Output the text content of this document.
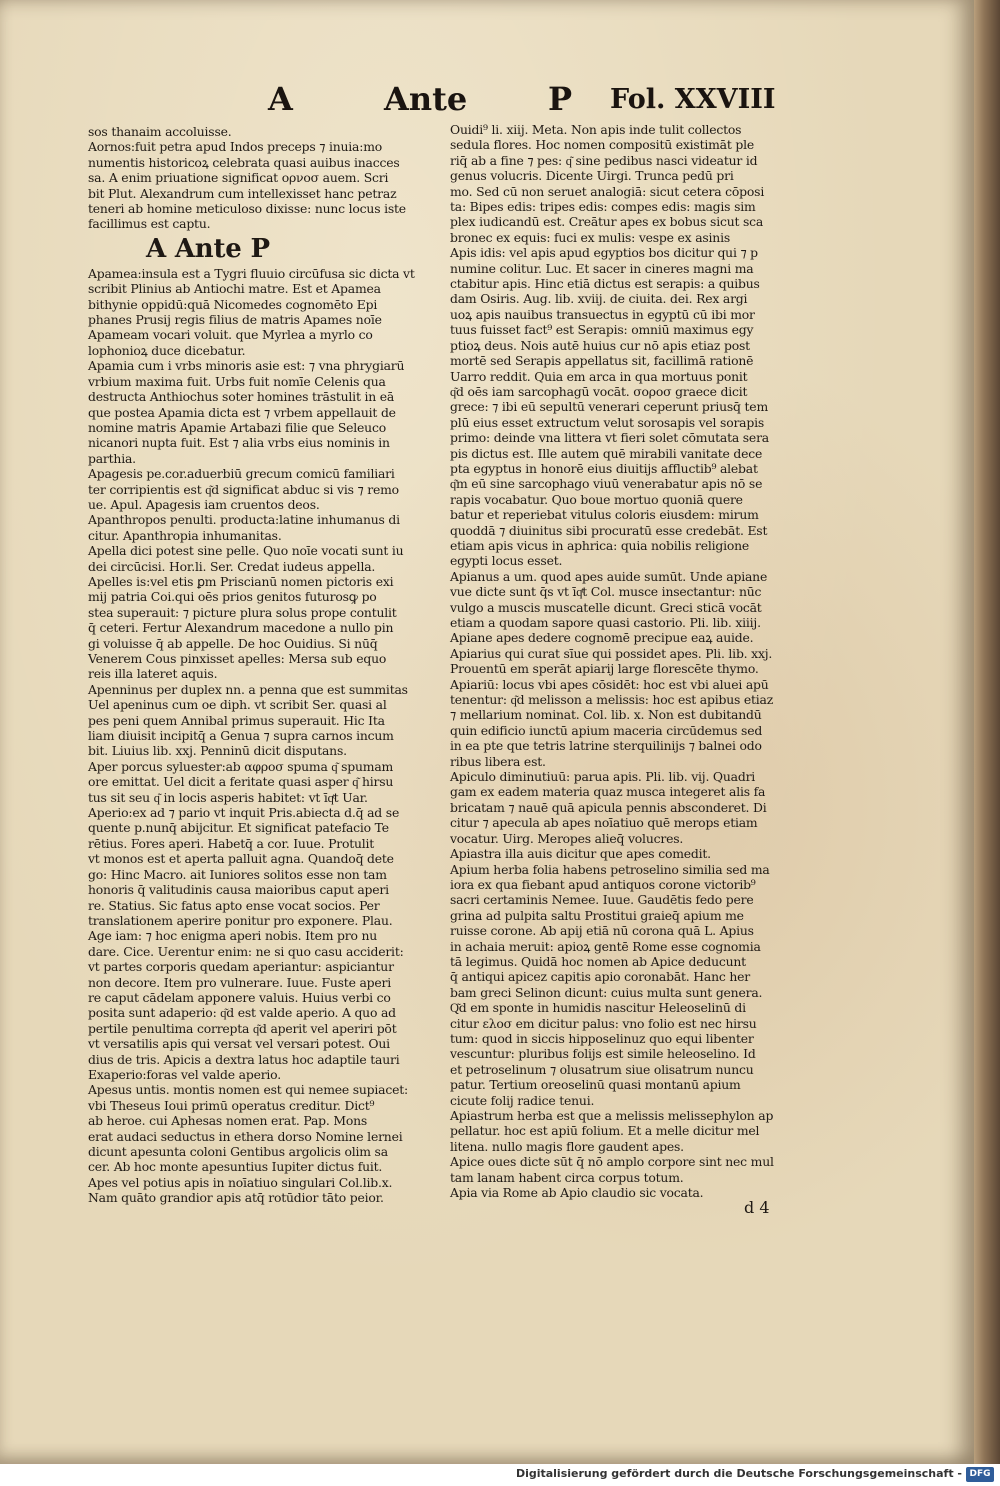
A	Ante	P Fol. XXVIII
sos thanaim accoluisse.
Aornos:fuit petra apud Indos preceps ⁊ inuia:mo
numentis historicoꝝ celebrata quasi auibus inacces
sa. A enim priuatione significat ορνοσ auem. Scri
bit Plut. Alexandrum cum intellexisset hanc petraz
teneri ab homine meticuloso dixisse: nunc locus iste
facillimus est captu.
A Ante P
Apamea:insula est a Tygri fluuio circūfusa sic dicta vt
scribit Plinius ab Antiochi matre. Est et Apamea
bithynie oppidū:quā Nicomedes cognomēto Epi
phanes Prusij regis filius de matris Apames noīe
Apameam vocari voluit. que Myrlea a myrlo co
lophonioꝝ duce dicebatur.
Apamia cum i vrbs minoris asie est: ⁊ vna phrygiarū
vrbium maxima fuit. Urbs fuit nomīe Celenis qua
destructa Anthiochus soter homines trāstulit in eā
que postea Apamia dicta est ⁊ vrbem appellauit de
nomine matris Apamie Artabazi filie que Seleuco
nicanori nupta fuit. Est ⁊ alia vrbs eius nominis in
parthia.
Apagesis pe.cor.aduerbiū grecum comicū familiari
ter corripientis est q͂d significat abduc si vis ⁊ remo
ue. Apul. Apagesis iam cruentos deos.
Apanthropos penulti. producta:latine inhumanus di
citur. Apanthropia inhumanitas.
Apella dici potest sine pelle. Quo noīe vocati sunt iu
dei circūcisi. Hor.li. Ser. Credat iudeus appella.
Apelles is:vel etis ꝑm Priscianū nomen pictoris exi
mij patria Coi.qui oēs prios genitos futurosꝙ po
stea superauit: ⁊ picture plura solus prope contulit
q̄ ceteri. Fertur Alexandrum macedone a nullo pin
gi voluisse q̄ ab appelle. De hoc Ouidius. Si nūq̄
Venerem Cous pinxisset apelles: Mersa sub equo
reis illa lateret aquis.
Apenninus per duplex nn. a penna que est summitas
Uel apeninus cum oe diph. vt scribit Ser. quasi al
pes peni quem Annibal primus superauit. Hic Ita
liam diuisit incipitq̄ a Genua ⁊ supra carnos incum
bit. Liuius lib. xxj. Penninū dicit disputans.
Aper porcus syluester:ab αφροσ spuma q͂ spumam
ore emittat. Uel dicit a feritate quasi asper q͂ hirsu
tus sit seu q͂ in locis asperis habitet: vt īqͭt Uar.
Aperio:ex ad ⁊ pario vt inquit Pris.abiecta d.q̄ ad se
quente p.nunq̄ abijcitur. Et significat patefacio Te
rētius. Fores aperi. Habetq̄ a cor. Iuue. Protulit
vt monos est et aperta palluit agna. Quandoq̄ dete
go: Hinc Macro. ait Iuniores solitos esse non tam
honoris q̄ valitudinis causa maioribus caput aperi
re. Statius. Sic fatus apto ense vocat socios. Per
translationem aperire ponitur pro exponere. Plau.
Age iam: ⁊ hoc enigma aperi nobis. Item pro nu
dare. Cice. Uerentur enim: ne si quo casu acciderit:
vt partes corporis quedam aperiantur: aspiciantur
non decore. Item pro vulnerare. Iuue. Fuste aperi
re caput cādelam apponere valuis. Huius verbi co
posita sunt adaperio: q͂d est valde aperio. A quo ad
pertile penultima correpta q͂d aperit vel aperiri pōt
vt versatilis apis qui versat vel versari potest. Oui
dius de tris. Apicis a dextra latus hoc adaptile tauri
Exaperio:foras vel valde aperio.
Apesus untis. montis nomen est qui nemee supiacet:
vbi Theseus Ioui primū operatus creditur. Dict⁹
ab heroe. cui Aphesas nomen erat. Pap. Mons
erat audaci seductus in ethera dorso Nomine lernei
dicunt apesunta coloni Gentibus argolicis olim sa
cer. Ab hoc monte apesuntius Iupiter dictus fuit.
Apes vel potius apis in noīatiuo singulari Col.lib.x.
Nam quāto grandior apis atq̄ rotūdior tāto peior.
Ouidi⁹ li. xiij. Meta. Non apis inde tulit collectos
sedula flores. Hoc nomen compositū existimāt ple
riq̄ ab a fine ⁊ pes: q͂ sine pedibus nasci videatur id
genus volucris. Dicente Uirgi. Trunca pedū pri
mo. Sed cū non seruet analogiā: sicut cetera cōposi
ta: Bipes edis: tripes edis: compes edis: magis sim
plex iudicandū est. Creātur apes ex bobus sicut sca
bronec ex equis: fuci ex mulis: vespe ex asinis
Apis idis: vel apis apud egyptios bos dicitur qui ⁊ p
numine colitur. Luc. Et sacer in cineres magni ma
ctabitur apis. Hinc etiā dictus est serapis: a quibus
dam Osiris. Aug. lib. xviij. de ciuita. dei. Rex argi
uoꝝ apis nauibus transuectus in egyptū cū ibi mor
tuus fuisset fact⁹ est Serapis: omniū maximus egy
ptioꝝ deus. Nois autē huius cur nō apis etiaz post
mortē sed Serapis appellatus sit, facillimā rationē
Uarro reddit. Quia em arca in qua mortuus ponit
q͂d oēs iam sarcophagū vocāt. σοροσ graece dicit
grece: ⁊ ibi eū sepultū venerari ceperunt priusq̄ tem
plū eius esset extructum velut sorosapis vel sorapis
primo: deinde vna littera vt fieri solet cōmutata sera
pis dictus est. Ille autem quē mirabili vanitate dece
pta egyptus in honorē eius diuitijs affluctib⁹ alebat
q͂m eū sine sarcophago viuū venerabatur apis nō se
rapis vocabatur. Quo boue mortuo quoniā quere
batur et reperiebat vitulus coloris eiusdem: mirum
quoddā ⁊ diuinitus sibi procuratū esse credebāt. Est
etiam apis vicus in aphrica: quia nobilis religione
egypti locus esset.
Apianus a um. quod apes auide sumūt. Unde apiane
vue dicte sunt q̄s vt īqͭt Col. musce insectantur: nūc
vulgo a muscis muscatelle dicunt. Greci sticā vocāt
etiam a quodam sapore quasi castorio. Pli. lib. xiiij.
Apiane apes dedere cognomē precipue eaꝝ auide.
Apiarius qui curat sīue qui possidet apes. Pli. lib. xxj.
Prouentū em sperāt apiarij large florescēte thymo.
Apiariū: locus vbi apes cōsidēt: hoc est vbi aluei apū
tenentur: q͂d melisson a melissis: hoc est apibus etiaz
⁊ mellarium nominat. Col. lib. x. Non est dubitandū
quin edificio iunctū apium maceria circūdemus sed
in ea pte que tetris latrine sterquilinijs ⁊ balnei odo
ribus libera est.
Apiculo diminutiuū: parua apis. Pli. lib. vij. Quadri
gam ex eadem materia quaz musca integeret alis fa
bricatam ⁊ nauē quā apicula pennis absconderet. Di
citur ⁊ apecula ab apes noīatiuo quē merops etiam
vocatur. Uirg. Meropes alieq̄ volucres.
Apiastra illa auis dicitur que apes comedit.
Apium herba folia habens petroselino similia sed ma
iora ex qua fiebant apud antiquos corone victorib⁹
sacri certaminis Nemee. Iuue. Gaudētis fedo pere
grina ad pulpita saltu Prostitui graieq̄ apium me
ruisse corone. Ab apij etiā nū corona quā L. Apius
in achaia meruit: apioꝝ gentē Rome esse cognomia
tā legimus. Quidā hoc nomen ab Apice deducunt
q̄ antiqui apicez capitis apio coronabāt. Hanc her
bam greci Selinon dicunt: cuius multa sunt genera.
Q͂d em sponte in humidis nascitur Heleoselinū di
citur ελοσ em dicitur palus: vno folio est nec hirsu
tum: quod in siccis hipposelinuz quo equi libenter
vescuntur: pluribus folijs est simile heleoselino. Id
et petroselinum ⁊ olusatrum siue olisatrum nuncu
patur. Tertium oreoselinū quasi montanū apium
cicute folij radice tenui.
Apiastrum herba est que a melissis melissephylon ap
pellatur. hoc est apiū folium. Et a melle dicitur mel
litena. nullo magis flore gaudent apes.
Apice oues dicte sūt q̄ nō amplo corpore sint nec mul
tam lanam habent circa corpus totum.
Apia via Rome ab Apio claudio sic vocata.
d 4
Digitalisierung gefördert durch die Deutsche Forschungsgemeinschaft - DFG
